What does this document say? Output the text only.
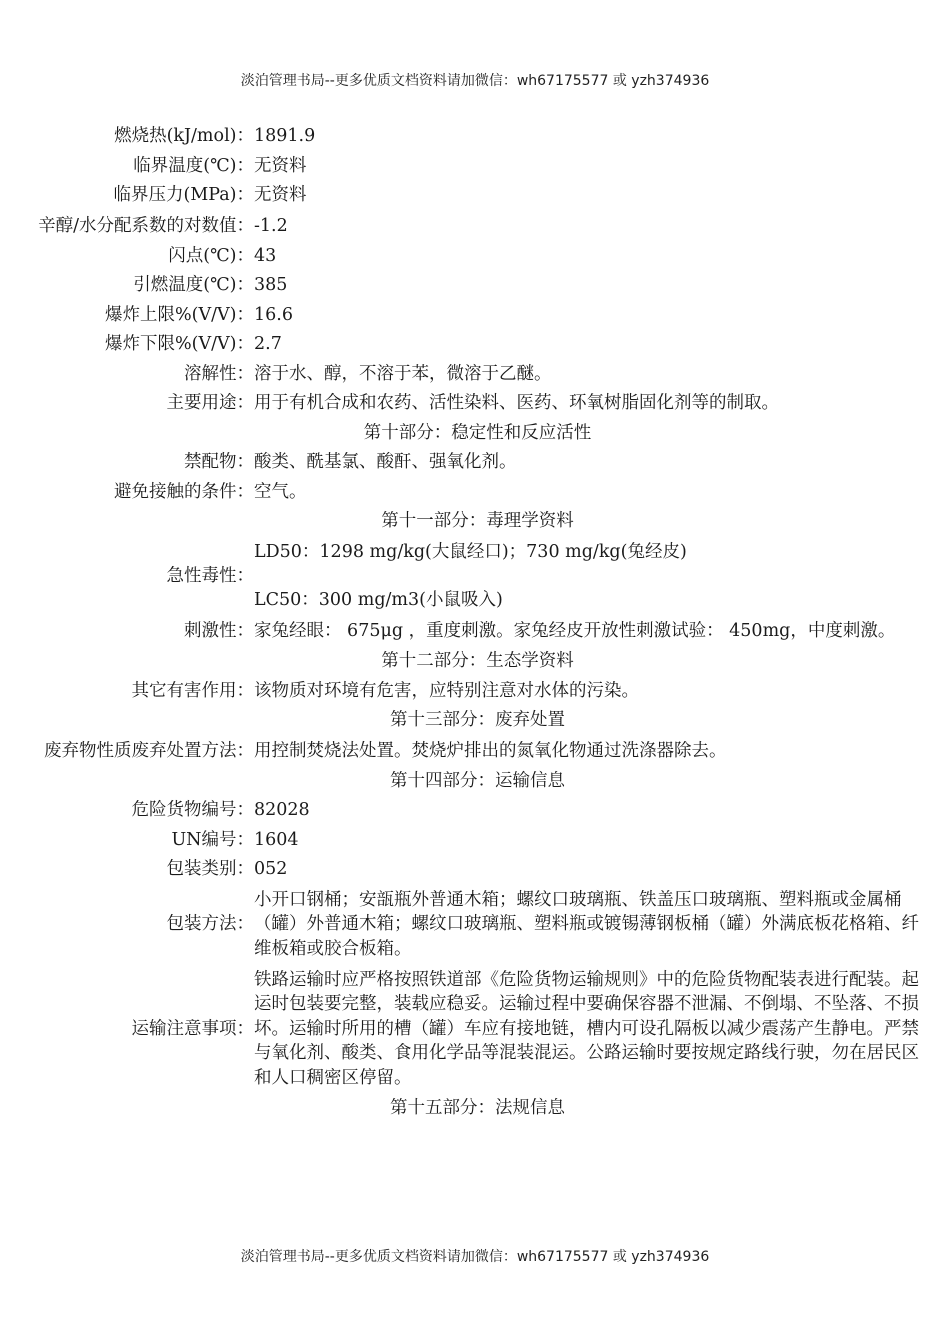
淡泊管理书局--更多优质文档资料请加微信：wh67175577 或 yzh374936
燃烧热(kJ/mol)： 1891.9
临界温度(℃)： 无资料
临界压力(MPa)： 无资料
辛醇/水分配系数的对数值： -1.2
闪点(℃)： 43
引燃温度(℃)： 385
爆炸上限%(V/V)： 16.6
爆炸下限%(V/V)： 2.7
溶解性： 溶于水、醇，不溶于苯，微溶于乙醚。
主要用途： 用于有机合成和农药、活性染料、医药、环氧树脂固化剂等的制取。
第十部分：稳定性和反应活性
禁配物： 酸类、酰基氯、酸酐、强氧化剂。
避免接触的条件： 空气。
第十一部分：毒理学资料
急性毒性：
LD50：1298 mg/kg(大鼠经口)；730 mg/kg(兔经皮)
LC50：300 mg/m3(小鼠吸入)
刺激性： 家兔经眼： 675μg ，重度刺激。家兔经皮开放性刺激试验： 450mg，中度刺激。
第十二部分：生态学资料
其它有害作用： 该物质对环境有危害，应特别注意对水体的污染。
第十三部分：废弃处置
废弃物性质废弃处置方法： 用控制焚烧法处置。焚烧炉排出的氮氧化物通过洗涤器除去。
第十四部分：运输信息
危险货物编号： 82028
UN编号： 1604
包装类别： 052
包装方法：
小开口钢桶；安瓿瓶外普通木箱；螺纹口玻璃瓶、铁盖压口玻璃瓶、塑料瓶或金属桶（罐）外普通木箱；螺纹口玻璃瓶、塑料瓶或镀锡薄钢板桶（罐）外满底板花格箱、纤维板箱或胶合板箱。
运输注意事项：
铁路运输时应严格按照铁道部《危险货物运输规则》中的危险货物配装表进行配装。起运时包装要完整，装载应稳妥。运输过程中要确保容器不泄漏、不倒塌、不坠落、不损坏。运输时所用的槽（罐）车应有接地链，槽内可设孔隔板以减少震荡产生静电。严禁与氧化剂、酸类、食用化学品等混装混运。公路运输时要按规定路线行驶，勿在居民区和人口稠密区停留。
第十五部分：法规信息
淡泊管理书局--更多优质文档资料请加微信：wh67175577 或 yzh374936
